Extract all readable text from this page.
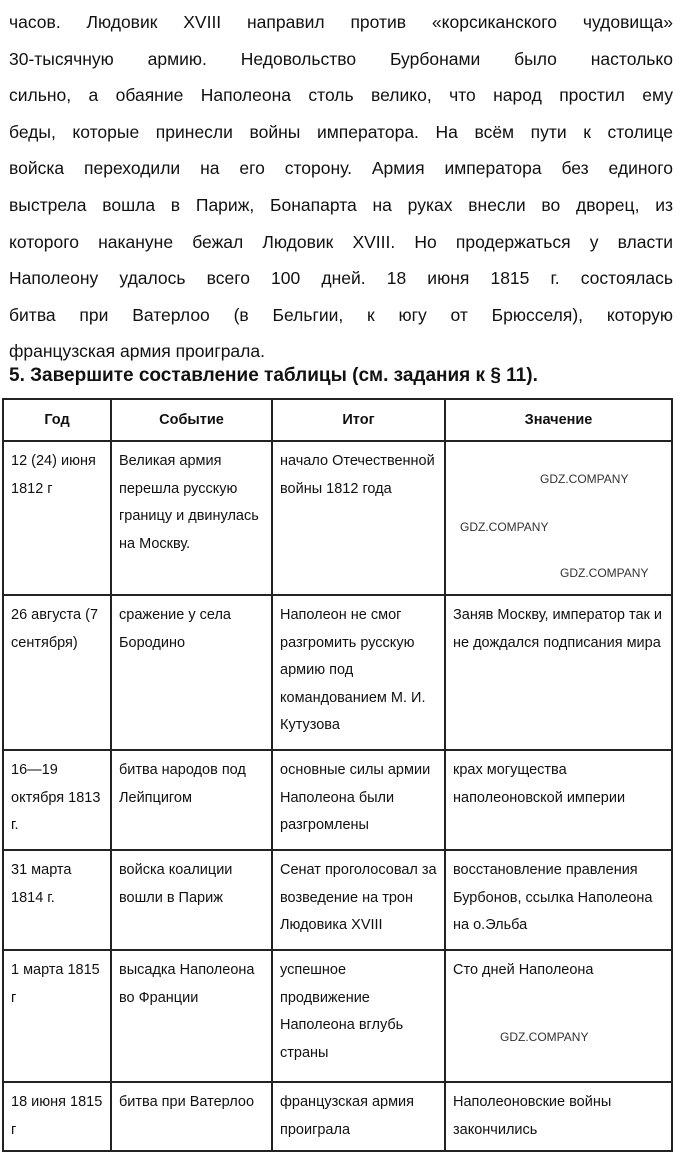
часов. Людовик XVIII направил против «корсиканского чудовища»
30-тысячную армию. Недовольство Бурбонами было настолько
сильно, а обаяние Наполеона столь велико, что народ простил ему
беды, которые принесли войны императора. На всём пути к столице
войска переходили на его сторону. Армия императора без единого
выстрела вошла в Париж, Бонапарта на руках внесли во дворец, из
которого накануне бежал Людовик XVIII. Но продержаться у власти
Наполеону удалось всего 100 дней. 18 июня 1815 г. состоялась
битва при Ватерлоо (в Бельгии, к югу от Брюсселя), которую
французская армия проиграла.
5. Завершите составление таблицы (см. задания к § 11).
Год	Событие	Итог	Значение
12 (24) июня 1812 г	Великая армия перешла русскую границу и двинулась на Москву.	начало Отечественной войны 1812 года	
26 августа (7 сентября)	сражение у села Бородино	Наполеон не смог разгромить русскую армию под командованием М. И. Кутузова	Заняв Москву, император так и не дождался подписания мира
16—19 октября 1813 г.	битва народов под Лейпцигом	основные силы армии Наполеона были разгромлены	крах могущества наполеоновской империи
31 марта 1814 г.	войска коалиции вошли в Париж	Сенат проголосовал за возведение на трон Людовика XVIII	восстановление правления Бурбонов, ссылка Наполеона на о.Эльба
1 марта 1815 г	высадка Наполеона во Франции	успешное продвижение Наполеона вглубь страны	Сто дней Наполеона
18 июня 1815 г	битва при Ватерлоо	французская армия проиграла	Наполеоновские войны закончились
GDZ.COMPANY
GDZ.COMPANY
GDZ.COMPANY
GDZ.COMPANY
